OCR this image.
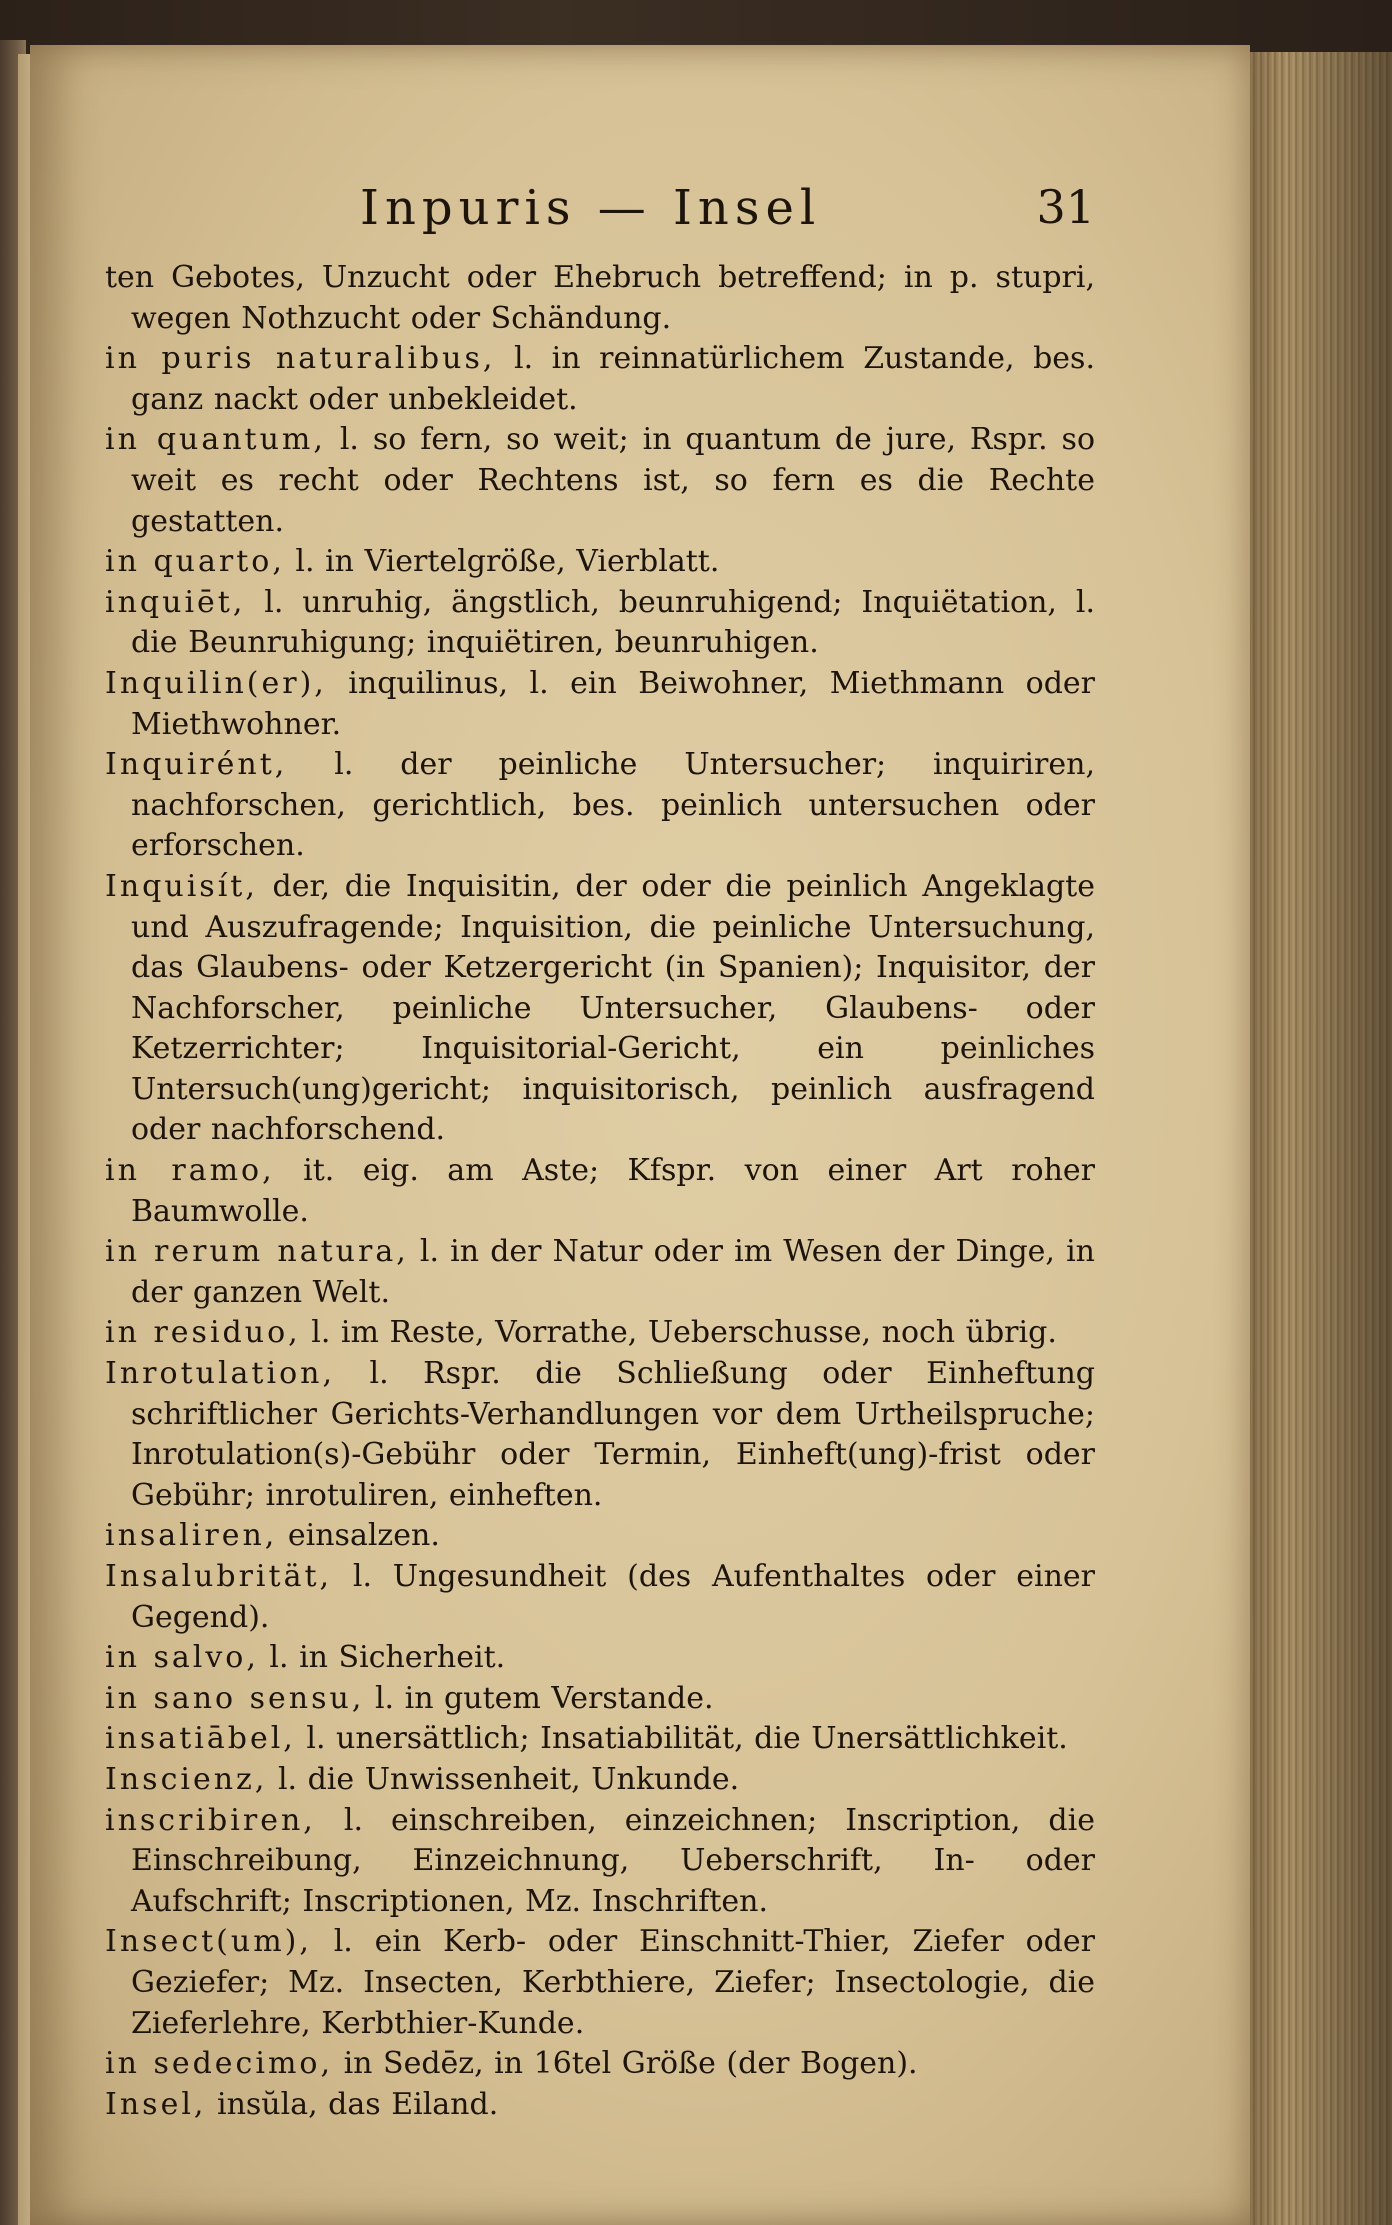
Inpuris — Insel	31
ten Gebotes, Unzucht oder Ehebruch betreffend; in p. stupri, wegen Nothzucht oder Schändung.
in puris naturalibus, l. in reinnatürlichem Zustande, bes. ganz nackt oder unbekleidet.
in quantum, l. so fern, so weit; in quantum de jure, Rspr. so weit es recht oder Rechtens ist, so fern es die Rechte gestatten.
in quarto, l. in Viertelgröße, Vierblatt.
inquiēt, l. unruhig, ängstlich, beunruhigend; Inquiëtation, l. die Beunruhigung; inquiëtiren, beunruhigen.
Inquilin(er), inquilinus, l. ein Beiwohner, Miethmann oder Miethwohner.
Inquirént, l. der peinliche Untersucher; inquiriren, nachforschen, gerichtlich, bes. peinlich untersuchen oder erforschen.
Inquisít, der, die Inquisitin, der oder die peinlich Angeklagte und Auszufragende; Inquisition, die peinliche Untersuchung, das Glaubens- oder Ketzergericht (in Spanien); Inquisitor, der Nachforscher, peinliche Untersucher, Glaubens- oder Ketzerrichter; Inquisitorial-Gericht, ein peinliches Untersuch(ung)gericht; inquisitorisch, peinlich ausfragend oder nachforschend.
in ramo, it. eig. am Aste; Kfspr. von einer Art roher Baumwolle.
in rerum natura, l. in der Natur oder im Wesen der Dinge, in der ganzen Welt.
in residuo, l. im Reste, Vorrathe, Ueberschusse, noch übrig.
Inrotulation, l. Rspr. die Schließung oder Einheftung schriftlicher Gerichts-Verhandlungen vor dem Urtheilspruche; Inrotulation(s)-Gebühr oder Termin, Einheft(ung)-frist oder Gebühr; inrotuliren, einheften.
insaliren, einsalzen.
Insalubrität, l. Ungesundheit (des Aufenthaltes oder einer Gegend).
in salvo, l. in Sicherheit.
in sano sensu, l. in gutem Verstande.
insatiābel, l. unersättlich; Insatiabilität, die Unersättlichkeit.
Inscienz, l. die Unwissenheit, Unkunde.
inscribiren, l. einschreiben, einzeichnen; Inscription, die Einschreibung, Einzeichnung, Ueberschrift, In- oder Aufschrift; Inscriptionen, Mz. Inschriften.
Insect(um), l. ein Kerb- oder Einschnitt-Thier, Ziefer oder Geziefer; Mz. Insecten, Kerbthiere, Ziefer; Insectologie, die Zieferlehre, Kerbthier-Kunde.
in sedecimo, in Sedēz, in 16tel Größe (der Bogen).
Insel, insŭla, das Eiland.
